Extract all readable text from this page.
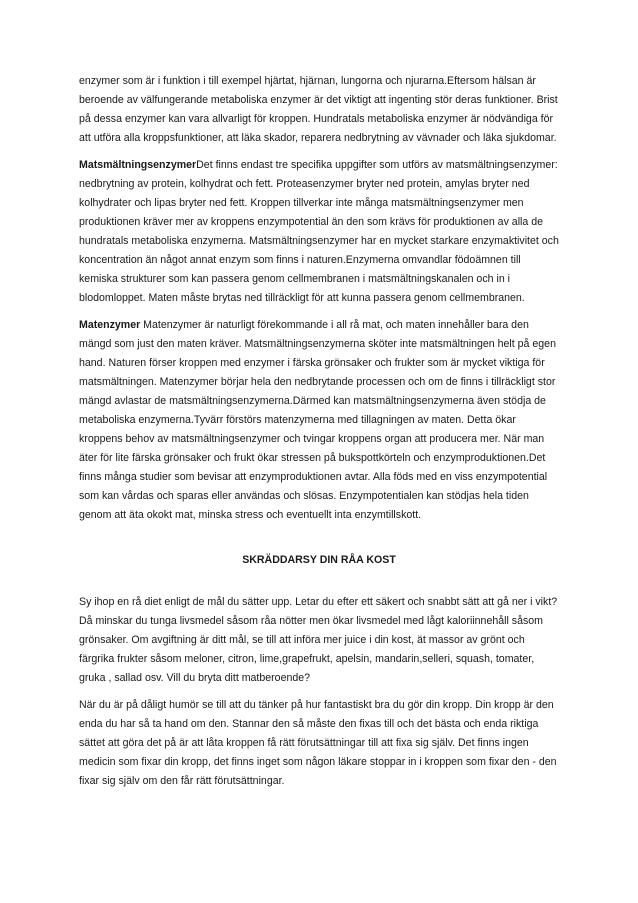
enzymer som är i funktion i till exempel hjärtat, hjärnan, lungorna och njurarna.Eftersom hälsan är beroende av välfungerande metaboliska enzymer är det viktigt att ingenting stör deras funktioner. Brist på dessa enzymer kan vara allvarligt för kroppen. Hundratals metaboliska enzymer är nödvändiga för att utföra alla kroppsfunktioner, att läka skador, reparera nedbrytning av vävnader och läka sjukdomar.

MatsmältningsenzymerDet finns endast tre specifika uppgifter som utförs av matsmältningsenzymer: nedbrytning av protein, kolhydrat och fett. Proteasenzymer bryter ned protein, amylas bryter ned kolhydrater och lipas bryter ned fett. Kroppen tillverkar inte många matsmältningsenzymer men produktionen kräver mer av kroppens enzympotential än den som krävs för produktionen av alla de hundratals metaboliska enzymerna. Matsmältningsenzymer har en mycket starkare enzymaktivitet och koncentration än något annat enzym som finns i naturen.Enzymerna omvandlar födoämnen till kemiska strukturer som kan passera genom cellmembranen i matsmältningskanalen och in i blodomloppet. Maten måste brytas ned tillräckligt för att kunna passera genom cellmembranen.

Matenzymer Matenzymer är naturligt förekommande i all rå mat, och maten innehåller bara den mängd som just den maten kräver. Matsmältningsenzymerna sköter inte matsmältningen helt på egen hand. Naturen förser kroppen med enzymer i färska grönsaker och frukter som är mycket viktiga för matsmältningen. Matenzymer börjar hela den nedbrytande processen och om de finns i tillräckligt stor mängd avlastar de matsmältningsenzymerna.Därmed kan matsmältningsenzymerna även stödja de metaboliska enzymerna.Tyvärr förstörs matenzymerna med tillagningen av maten. Detta ökar kroppens behov av matsmältningsenzymer och tvingar kroppens organ att producera mer. När man äter för lite färska grönsaker och frukt ökar stressen på bukspottkörteln och enzymproduktionen.Det finns många studier som bevisar att enzymproduktionen avtar. Alla föds med en viss enzympotential som kan vårdas och sparas eller användas och slösas. Enzympotentialen kan stödjas hela tiden genom att äta okokt mat, minska stress och eventuellt inta enzymtillskott.

SKRÄDDARSY DIN RÅA KOST

Sy ihop en rå diet enligt de mål du sätter upp. Letar du efter ett säkert och snabbt sätt att gå ner i vikt? Då minskar du tunga livsmedel såsom råa nötter men ökar livsmedel med lågt kaloriinnehåll såsom grönsaker. Om avgiftning är ditt mål, se till att införa mer juice i din kost, ät massor av grönt och färgrika frukter såsom meloner, citron, lime,grapefrukt, apelsin, mandarin,selleri, squash, tomater, gruka , sallad osv. Vill du bryta ditt matberoende?

När du är på dåligt humör se till att du tänker på hur fantastiskt bra du gör din kropp. Din kropp är den enda du har så ta hand om den. Stannar den så måste den fixas till och det bästa och enda riktiga sättet att göra det på är att låta kroppen få rätt förutsättningar till att fixa sig själv. Det finns ingen medicin som fixar din kropp, det finns inget som någon läkare stoppar in i kroppen som fixar den - den fixar sig själv om den får rätt förutsättningar.
